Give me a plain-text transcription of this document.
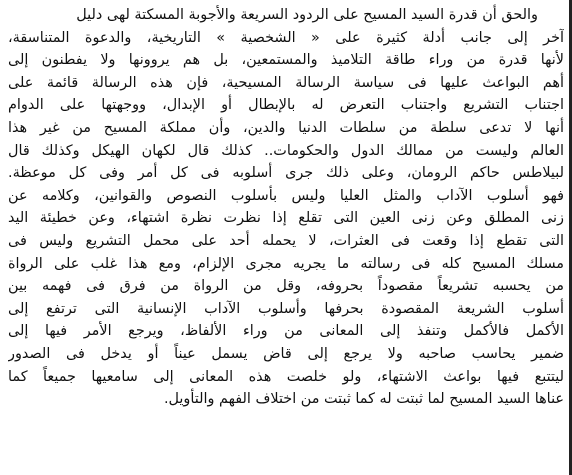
والحق أن قدرة السيد المسيح على الردود السريعة والأجوبة المسكتة لهى دليل
آخر إلى جانب أدلة كثيرة على « الشخصية » التاريخية، والدعوة المتناسقة،
لأنها قدرة من وراء طاقة التلاميذ والمستمعين، بل هم يروونها ولا يفطنون إلى
أهم البواعث عليها فى سياسة الرسالة المسيحية، فإن هذه الرسالة قائمة على
اجتناب التشريع واجتناب التعرض له بالإبطال أو الإبدال، ووجهتها على الدوام
أنها لا تدعى سلطة من سلطات الدنيا والدين، وأن مملكة المسيح من غير هذا
العالم وليست من ممالك الدول والحكومات.. كذلك قال لكهان الهيكل وكذلك قال
لبيلاطس حاكم الرومان، وعلى ذلك جرى أسلوبه فى كل أمر وفى كل موعظة.
فهو أسلوب الآداب والمثل العليا وليس بأسلوب النصوص والقوانين، وكلامه عن
زنى المطلق وعن زنى العين التى تقلع إذا نظرت نظرة اشتهاء، وعن خطيئة اليد
التى تقطع إذا وقعت فى العثرات، لا يحمله أحد على محمل التشريع وليس فى
مسلك المسيح كله فى رسالته ما يجريه مجرى الإلزام، ومع هذا غلب على الرواة
من يحسبه تشريعاً مقصوداً بحروفه، وقل من الرواة من فرق فى فهمه بين
أسلوب الشريعة المقصودة بحرفها وأسلوب الآداب الإنسانية التى ترتفع إلى
الأكمل فالأكمل وتنفذ إلى المعانى من وراء الألفاظ، ويرجع الأمر فيها إلى
ضمير يحاسب صاحبه ولا يرجع إلى قاض يسمل عيناً أو يدخل فى الصدور
ليتتبع فيها بواعث الاشتهاء، ولو خلصت هذه المعانى إلى سامعيها جميعاً كما
عناها السيد المسيح لما ثبتت له كما ثبتت من اختلاف الفهم والتأويل.
